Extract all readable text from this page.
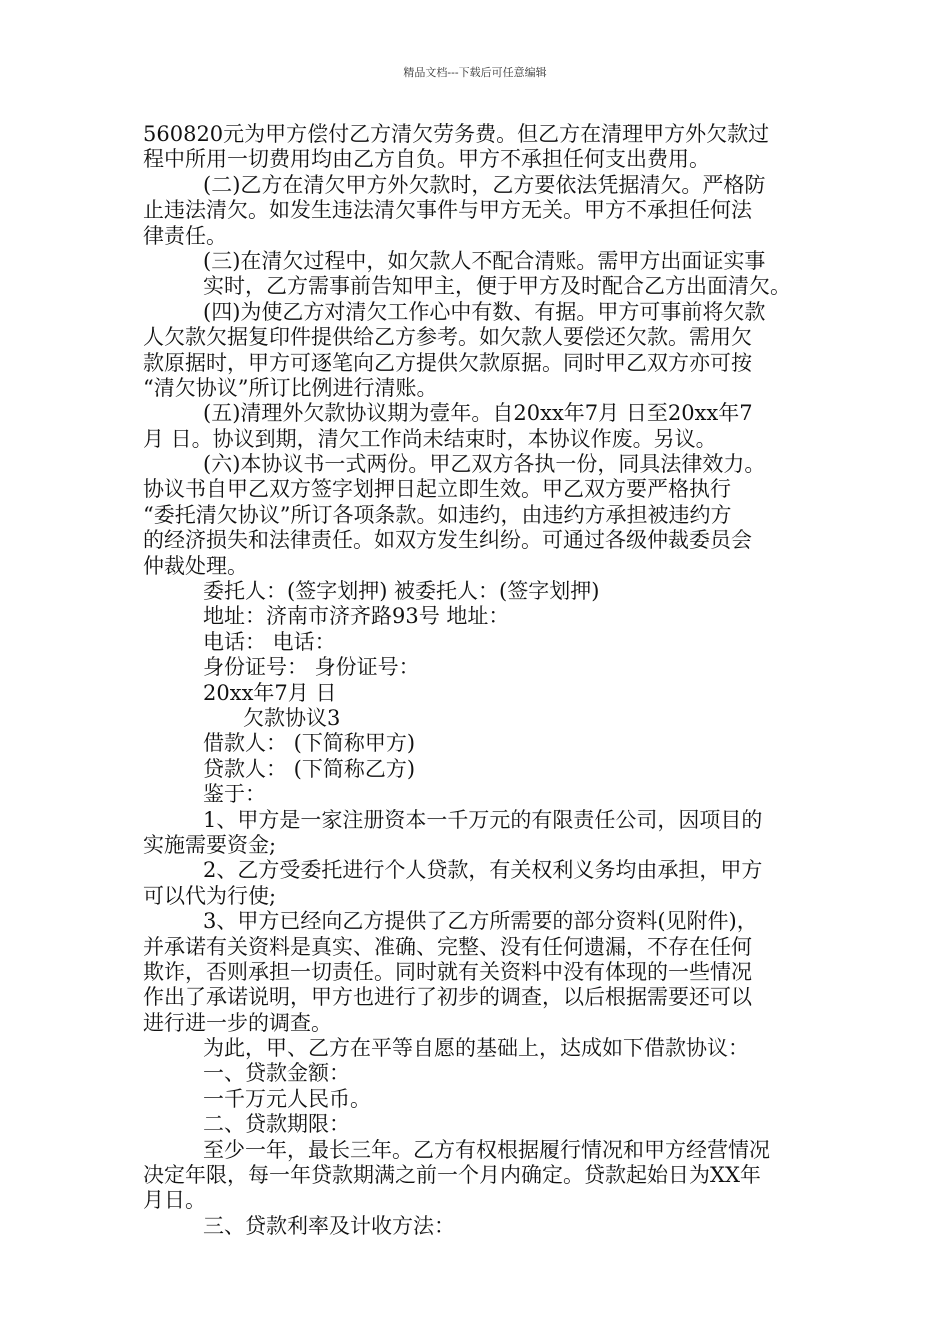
精品文档---下载后可任意编辑
560820元为甲方偿付乙方清欠劳务费。但乙方在清理甲方外欠款过
程中所用一切费用均由乙方自负。甲方不承担任何支出费用。
(二)乙方在清欠甲方外欠款时，乙方要依法凭据清欠。严格防
止违法清欠。如发生违法清欠事件与甲方无关。甲方不承担任何法
律责任。
(三)在清欠过程中，如欠款人不配合清账。需甲方出面证实事
实时，乙方需事前告知甲主，便于甲方及时配合乙方出面清欠。
(四)为使乙方对清欠工作心中有数、有据。甲方可事前将欠款
人欠款欠据复印件提供给乙方参考。如欠款人要偿还欠款。需用欠
款原据时，甲方可逐笔向乙方提供欠款原据。同时甲乙双方亦可按
“清欠协议”所订比例进行清账。
(五)清理外欠款协议期为壹年。自20xx年7月 日至20xx年7
月 日。协议到期，清欠工作尚未结束时，本协议作废。另议。
(六)本协议书一式两份。甲乙双方各执一份，同具法律效力。
协议书自甲乙双方签字划押日起立即生效。甲乙双方要严格执行
“委托清欠协议”所订各项条款。如违约，由违约方承担被违约方
的经济损失和法律责任。如双方发生纠纷。可通过各级仲裁委员会
仲裁处理。
委托人：(签字划押) 被委托人：(签字划押)
地址：济南市济齐路93号 地址：
电话： 电话：
身份证号： 身份证号：
20xx年7月 日
欠款协议3
借款人： (下简称甲方)
贷款人： (下简称乙方)
鉴于：
1、甲方是一家注册资本一千万元的有限责任公司，因项目的
实施需要资金;
2、乙方受委托进行个人贷款，有关权利义务均由承担，甲方
可以代为行使;
3、甲方已经向乙方提供了乙方所需要的部分资料(见附件)，
并承诺有关资料是真实、准确、完整、没有任何遗漏，不存在任何
欺诈，否则承担一切责任。同时就有关资料中没有体现的一些情况
作出了承诺说明，甲方也进行了初步的调查，以后根据需要还可以
进行进一步的调查。
为此，甲、乙方在平等自愿的基础上，达成如下借款协议：
一、贷款金额：
一千万元人民币。
二、贷款期限：
至少一年，最长三年。乙方有权根据履行情况和甲方经营情况
决定年限，每一年贷款期满之前一个月内确定。贷款起始日为XX年
月日。
三、贷款利率及计收方法：
